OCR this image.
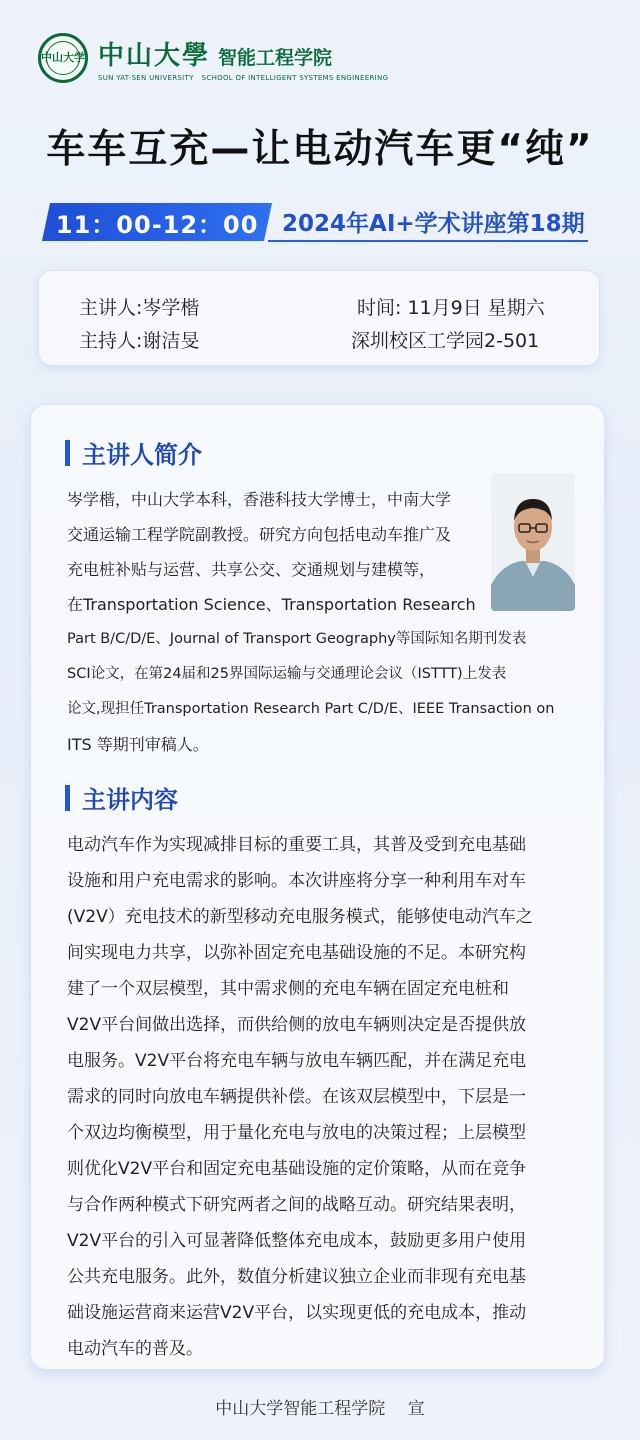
中山大学 中山大學 智能工程学院
SUN YAT-SEN UNIVERSITY SCHOOL OF INTELLIGENT SYSTEMS ENGINEERING
车车互充—让电动汽车更“纯”
11：00-12：00 2024年AI+学术讲座第18期
主讲人:岑学楷	时间: 11月9日 星期六
主持人:谢洁旻	深圳校区工学园2-501
主讲人简介
岑学楷，中山大学本科，香港科技大学博士，中南大学
交通运输工程学院副教授。研究方向包括电动车推广及
充电桩补贴与运营、共享公交、交通规划与建模等，
在Transportation Science、Transportation Research
Part B/C/D/E、Journal of Transport Geography等国际知名期刊发表
SCI论文，在第24届和25界国际运输与交通理论会议（ISTTT)上发表
论文,现担任Transportation Research Part C/D/E、IEEE Transaction on
ITS 等期刊审稿人。
主讲内容
电动汽车作为实现减排目标的重要工具，其普及受到充电基础
设施和用户充电需求的影响。本次讲座将分享一种利用车对车
(V2V）充电技术的新型移动充电服务模式，能够使电动汽车之
间实现电力共享，以弥补固定充电基础设施的不足。本研究构
建了一个双层模型，其中需求侧的充电车辆在固定充电桩和
V2V平台间做出选择，而供给侧的放电车辆则决定是否提供放
电服务。V2V平台将充电车辆与放电车辆匹配，并在满足充电
需求的同时向放电车辆提供补偿。在该双层模型中，下层是一
个双边均衡模型，用于量化充电与放电的决策过程；上层模型
则优化V2V平台和固定充电基础设施的定价策略，从而在竞争
与合作两种模式下研究两者之间的战略互动。研究结果表明，
V2V平台的引入可显著降低整体充电成本，鼓励更多用户使用
公共充电服务。此外，数值分析建议独立企业而非现有充电基
础设施运营商来运营V2V平台，以实现更低的充电成本，推动
电动汽车的普及。
中山大学智能工程学院　 宣
